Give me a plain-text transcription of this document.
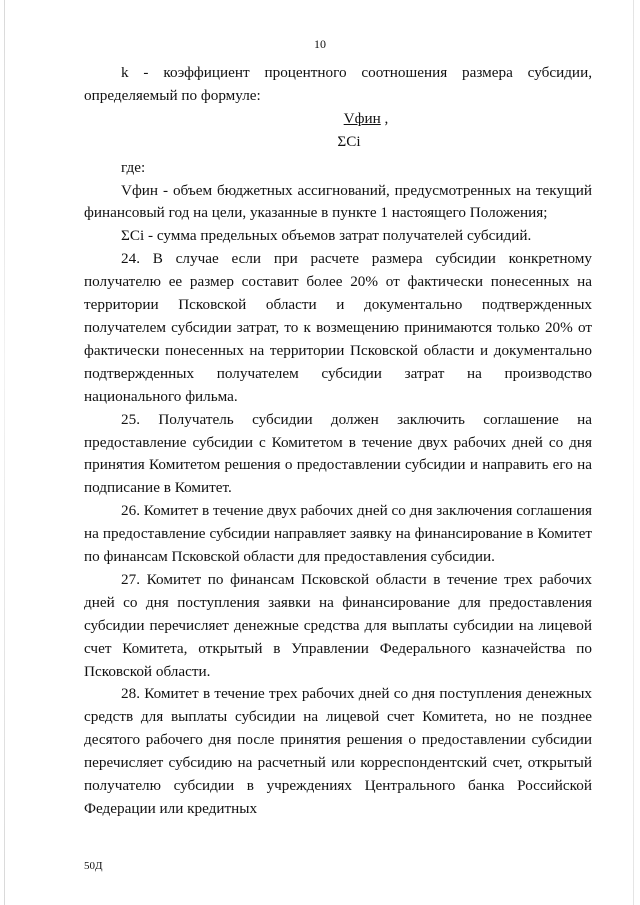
10

k - коэффициент процентного соотношения размера субсидии, определяемый по формуле:

Vфин ,
ΣCi

где:

Vфин - объем бюджетных ассигнований, предусмотренных на текущий финансовый год на цели, указанные в пункте 1 настоящего Положения;

ΣCi - сумма предельных объемов затрат получателей субсидий.

24. В случае если при расчете размера субсидии конкретному получателю ее размер составит более 20% от фактически понесенных на территории Псковской области и документально подтвержденных получателем субсидии затрат, то к возмещению принимаются только 20% от фактически понесенных на территории Псковской области и документально подтвержденных получателем субсидии затрат на производство национального фильма.

25. Получатель субсидии должен заключить соглашение на предоставление субсидии с Комитетом в течение двух рабочих дней со дня принятия Комитетом решения о предоставлении субсидии и направить его на подписание в Комитет.

26. Комитет в течение двух рабочих дней со дня заключения соглашения на предоставление субсидии направляет заявку на финансирование в Комитет по финансам Псковской области для предоставления субсидии.

27. Комитет по финансам Псковской области в течение трех рабочих дней со дня поступления заявки на финансирование для предоставления субсидии перечисляет денежные средства для выплаты субсидии на лицевой счет Комитета, открытый в Управлении Федерального казначейства по Псковской области.

28. Комитет в течение трех рабочих дней со дня поступления денежных средств для выплаты субсидии на лицевой счет Комитета, но не позднее десятого рабочего дня после принятия решения о предоставлении субсидии перечисляет субсидию на расчетный или корреспондентский счет, открытый получателю субсидии в учреждениях Центрального банка Российской Федерации или кредитных

50Д
